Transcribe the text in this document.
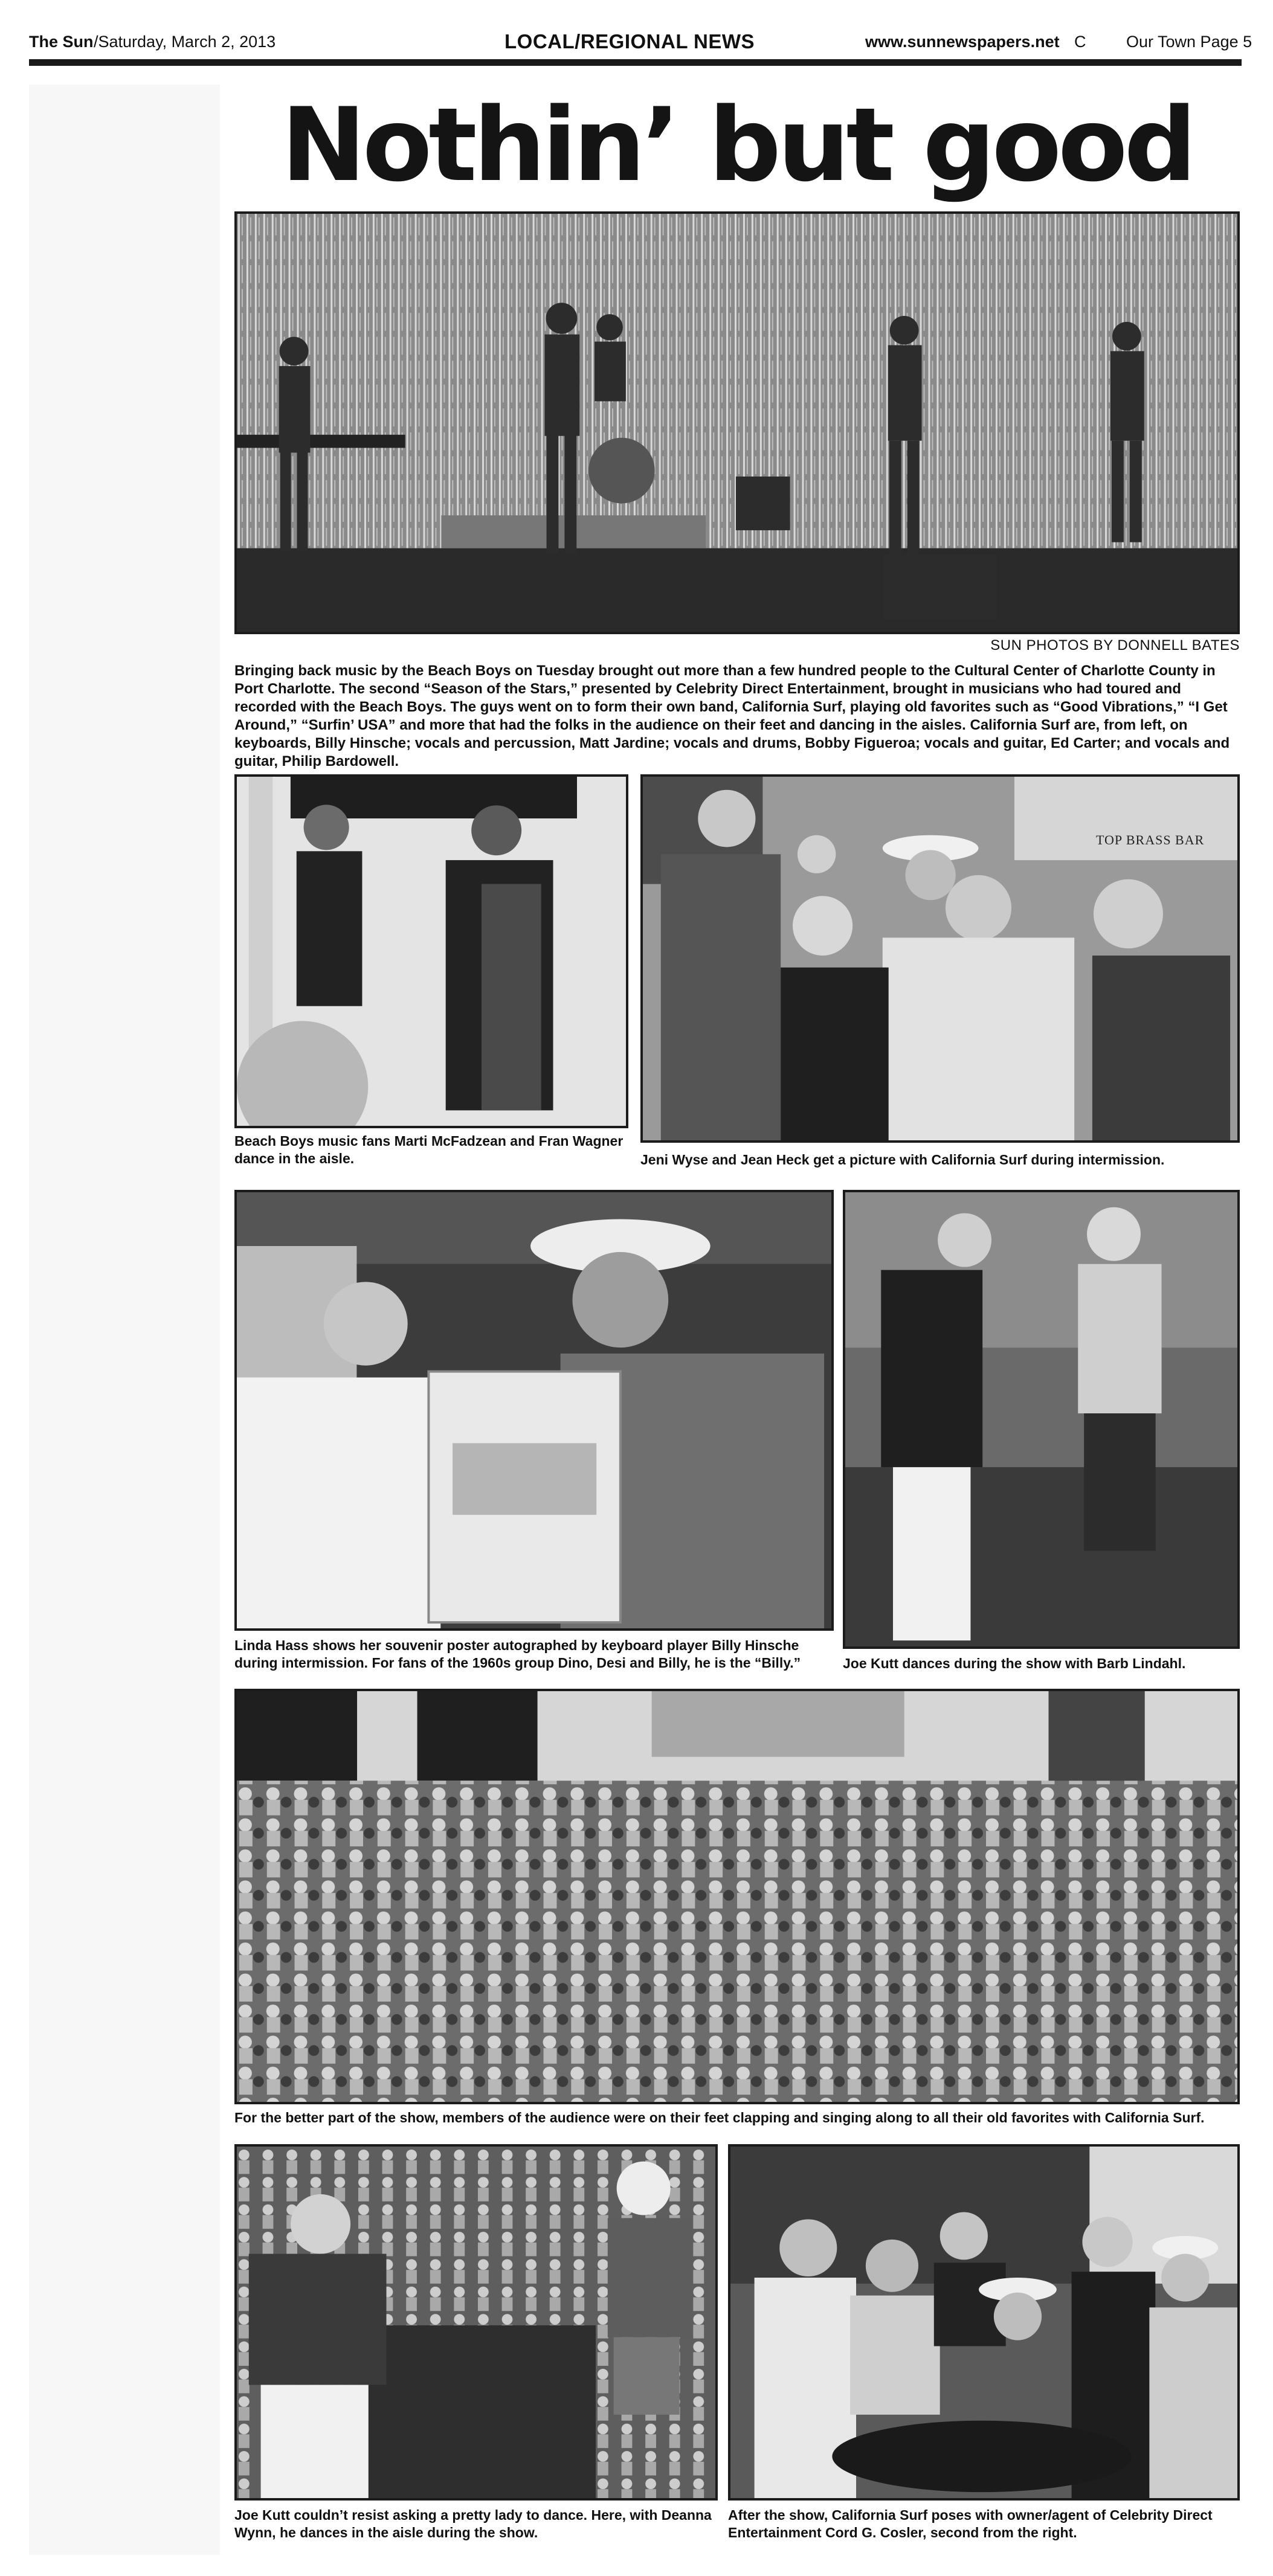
The Sun /Saturday, March 2, 2013	LOCAL/REGIONAL NEWS	www.sunnewspapers.net C Our Town Page 5
Nothin’ but good
SUN PHOTOS BY DONNELL BATES
Bringing back music by the Beach Boys on Tuesday brought out more than a few hundred people to the Cultural Center of Charlotte County in Port Charlotte. The second “Season of the Stars,” presented by Celebrity Direct Entertainment, brought in musicians who had toured and recorded with the Beach Boys. The guys went on to form their own band, California Surf, playing old favorites such as “Good Vibrations,” “I Get Around,” “Surfin’ USA” and more that had the folks in the audience on their feet and dancing in the aisles. California Surf are, from left, on keyboards, Billy Hinsche; vocals and percussion, Matt Jardine; vocals and drums, Bobby Figueroa; vocals and guitar, Ed Carter; and vocals and guitar, Philip Bardowell.
Beach Boys music fans Marti McFadzean and Fran Wagner dance in the aisle.
TOP BRASS BAR
Jeni Wyse and Jean Heck get a picture with California Surf during intermission.
Linda Hass shows her souvenir poster autographed by keyboard player Billy Hinsche during intermission. For fans of the 1960s group Dino, Desi and Billy, he is the “Billy.”	Joe Kutt dances during the show with Barb Lindahl.
For the better part of the show, members of the audience were on their feet clapping and singing along to all their old favorites with California Surf.
Joe Kutt couldn’t resist asking a pretty lady to dance. Here, with Deanna Wynn, he dances in the aisle during the show.
After the show, California Surf poses with owner/agent of Celebrity Direct Entertainment Cord G. Cosler, second from the right.
